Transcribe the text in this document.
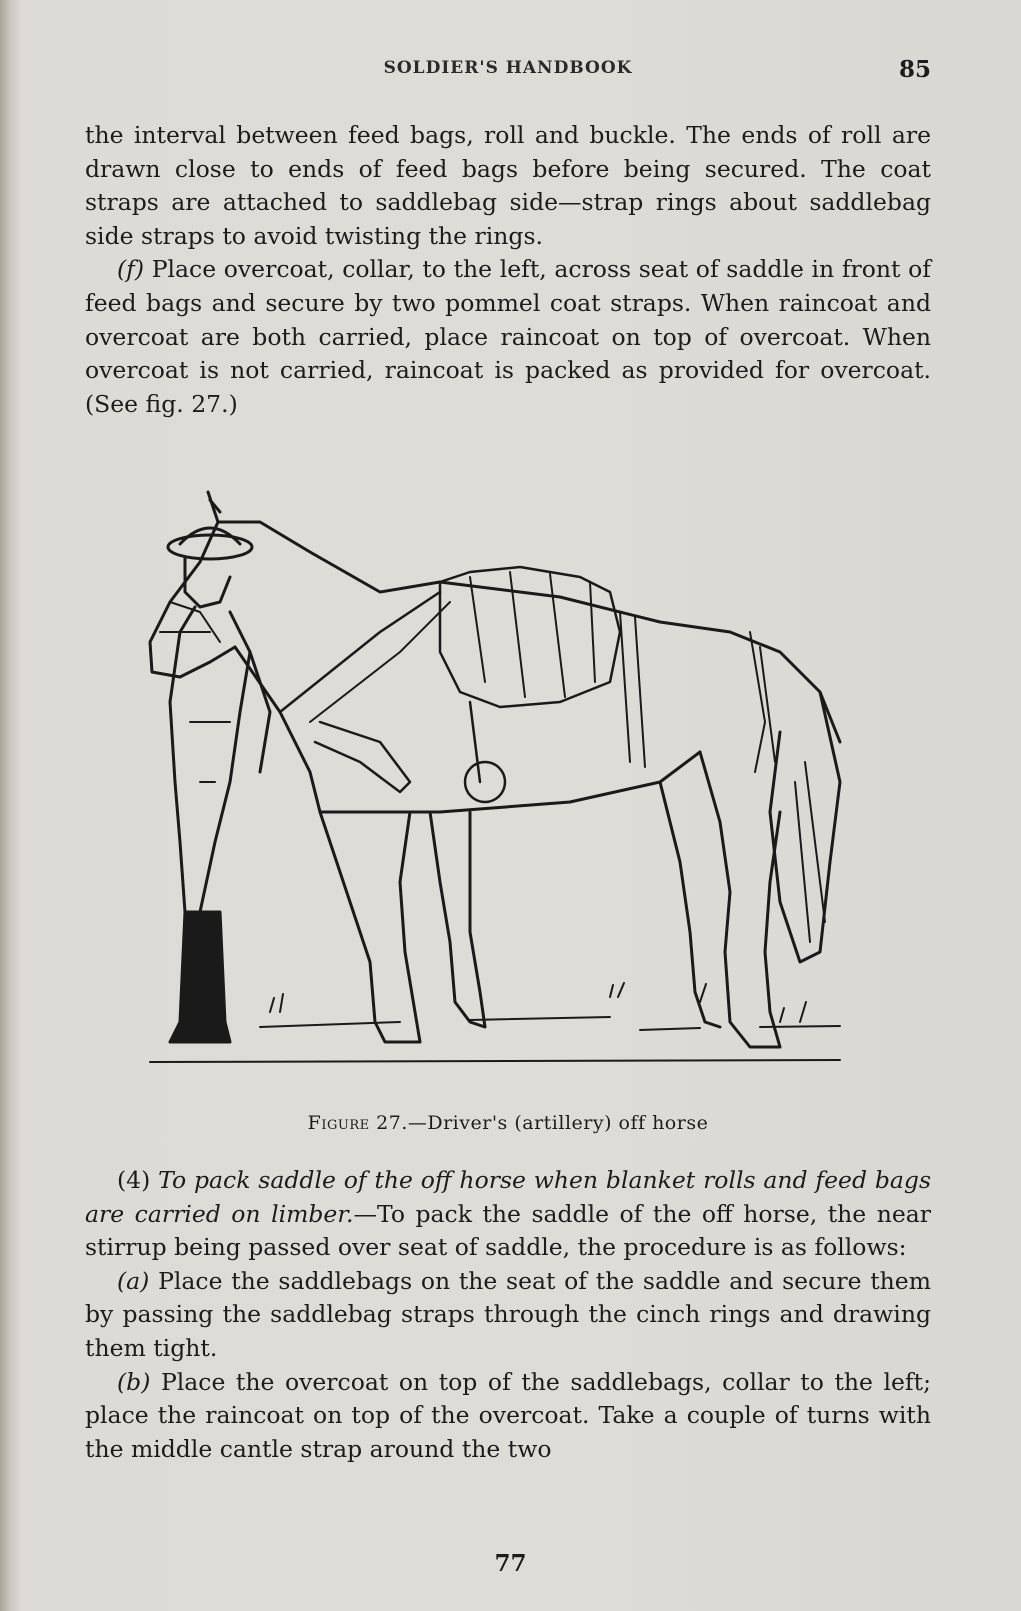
SOLDIER'S HANDBOOK	85

the interval between feed bags, roll and buckle. The ends of roll are drawn close to ends of feed bags before being secured. The coat straps are attached to saddlebag side—strap rings about saddlebag side straps to avoid twisting the rings.

(f) Place overcoat, collar, to the left, across seat of saddle in front of feed bags and secure by two pommel coat straps. When raincoat and overcoat are both carried, place raincoat on top of overcoat. When overcoat is not carried, raincoat is packed as provided for overcoat. (See fig. 27.)

Figure 27.—Driver's (artillery) off horse

(4) To pack saddle of the off horse when blanket rolls and feed bags are carried on limber.—To pack the saddle of the off horse, the near stirrup being passed over seat of saddle, the procedure is as follows:

(a) Place the saddlebags on the seat of the saddle and secure them by passing the saddlebag straps through the cinch rings and drawing them tight.

(b) Place the overcoat on top of the saddlebags, collar to the left; place the raincoat on top of the overcoat. Take a couple of turns with the middle cantle strap around the two

77
